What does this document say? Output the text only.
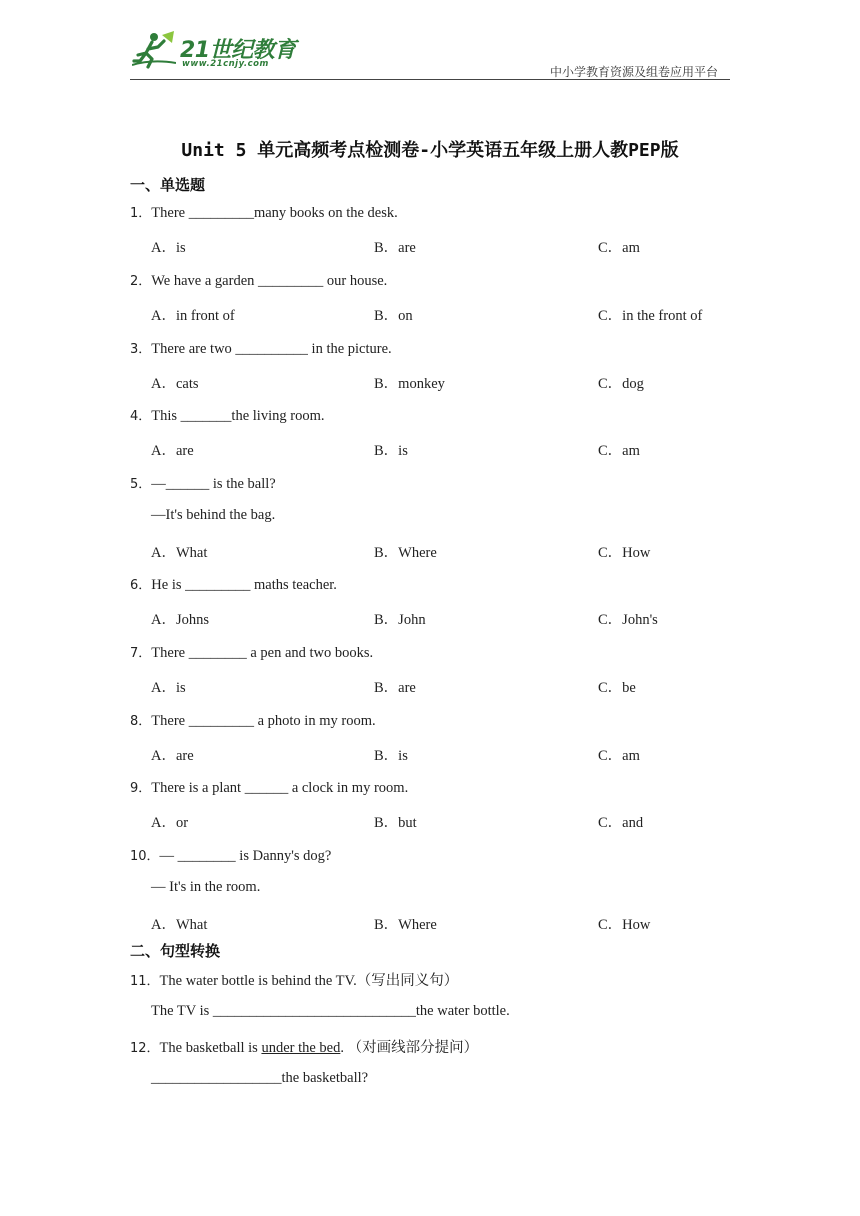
21世纪教育
www.21cnjy.com
中小学教育资源及组卷应用平台
Unit 5 单元高频考点检测卷-小学英语五年级上册人教PEP版
一、单选题
1．There _________many books on the desk.
A．is	B．are	C．am
2．We have a garden _________ our house.
A．in front of	B．on	C．in the front of
3．There are two __________ in the picture.
A．cats	B．monkey	C．dog
4．This _______the living room.
A．are	B．is	C．am
5．—______ is the ball?
—It's behind the bag.
A．What	B．Where	C．How
6．He is _________ maths teacher.
A．Johns	B．John	C．John's
7．There ________ a pen and two books.
A．is	B．are	C．be
8．There _________ a photo in my room.
A．are	B．is	C．am
9．There is a plant ______ a clock in my room.
A．or	B．but	C．and
10．— ________ is Danny's dog?
— It's in the room.
A．What	B．Where	C．How
二、句型转换
11．The water bottle is behind the TV.（写出同义句）
The TV is ____________________________the water bottle.
12．The basketball is under the bed. （对画线部分提问）
__________________the basketball?
